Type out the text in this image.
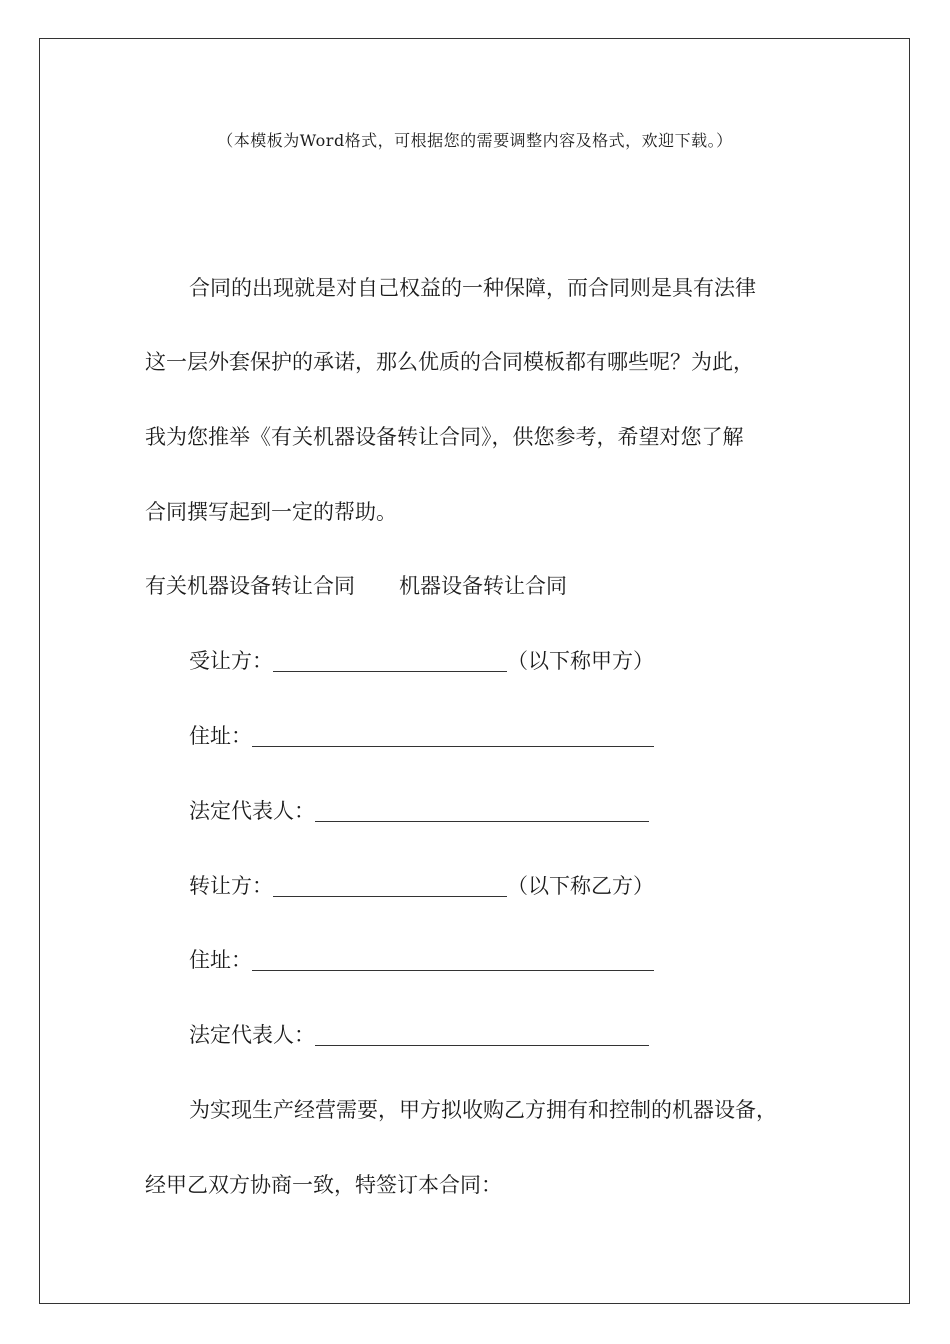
（本模板为Word格式，可根据您的需要调整内容及格式，欢迎下载。）
合同的出现就是对自己权益的一种保障，而合同则是具有法律
这一层外套保护的承诺，那么优质的合同模板都有哪些呢？为此，
我为您推举《有关机器设备转让合同》，供您参考，希望对您了解
合同撰写起到一定的帮助。
有关机器设备转让合同 机器设备转让合同
受让方：	（以下称甲方）
住址：
法定代表人：
转让方：	（以下称乙方）
住址：
法定代表人：
为实现生产经营需要，甲方拟收购乙方拥有和控制的机器设备，
经甲乙双方协商一致，特签订本合同：
